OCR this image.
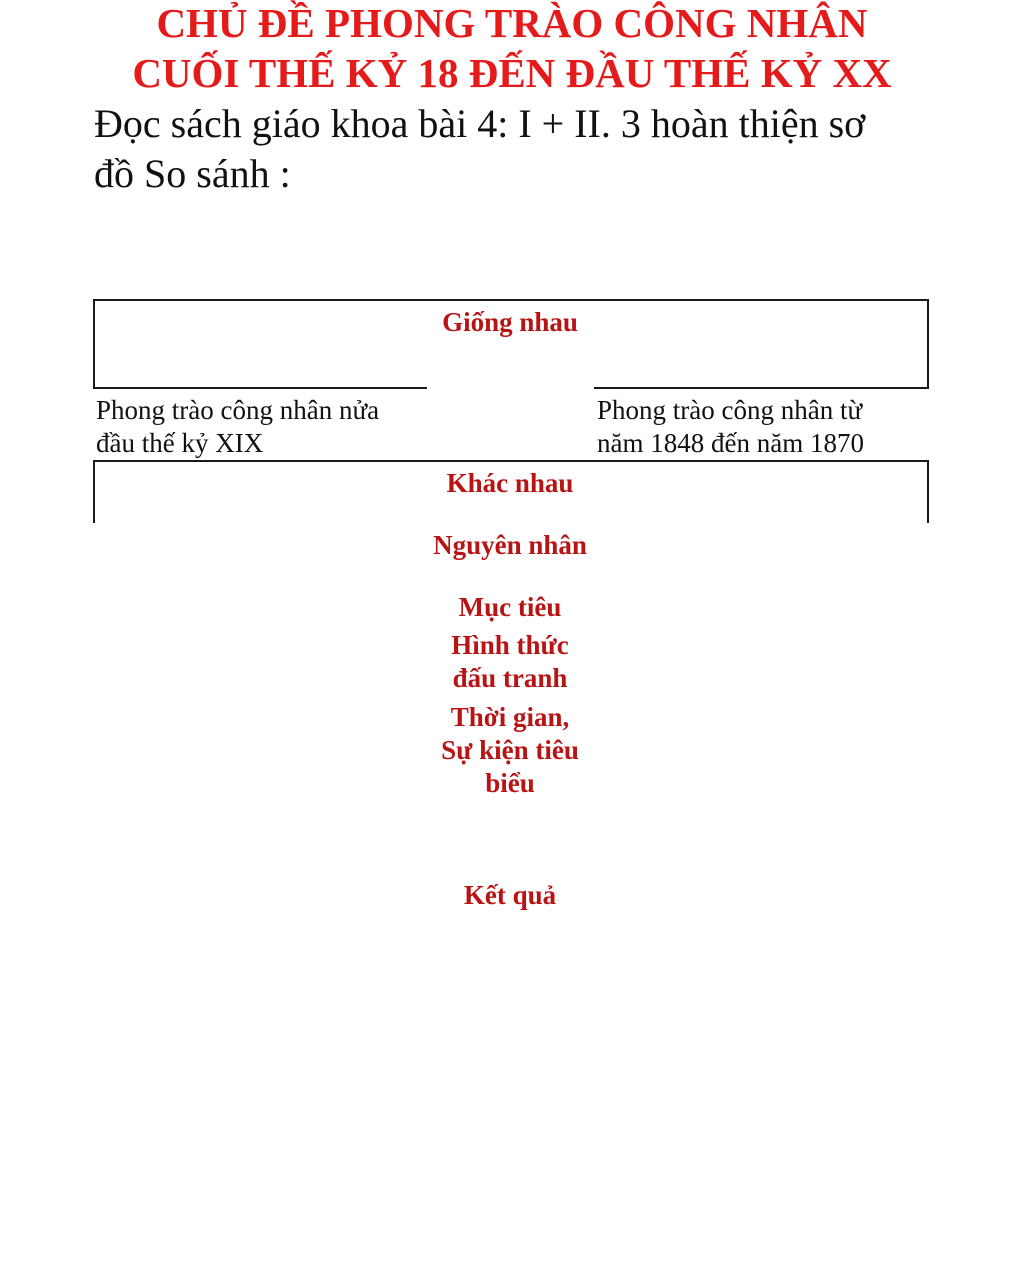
CHỦ ĐỀ PHONG TRÀO CÔNG NHÂN
CUỐI THẾ KỶ 18 ĐẾN ĐẦU THẾ KỶ XX
Đọc sách giáo khoa bài 4: I + II. 3 hoàn thiện sơ
đồ So sánh :
Giống nhau
Phong trào công nhân nửa
đầu thế kỷ XIX
Phong trào công nhân từ
năm 1848 đến năm 1870
Khác nhau
Nguyên nhân
Mục tiêu
Hình thức
đấu tranh
Thời gian,
Sự kiện tiêu
biểu
Kết quả
